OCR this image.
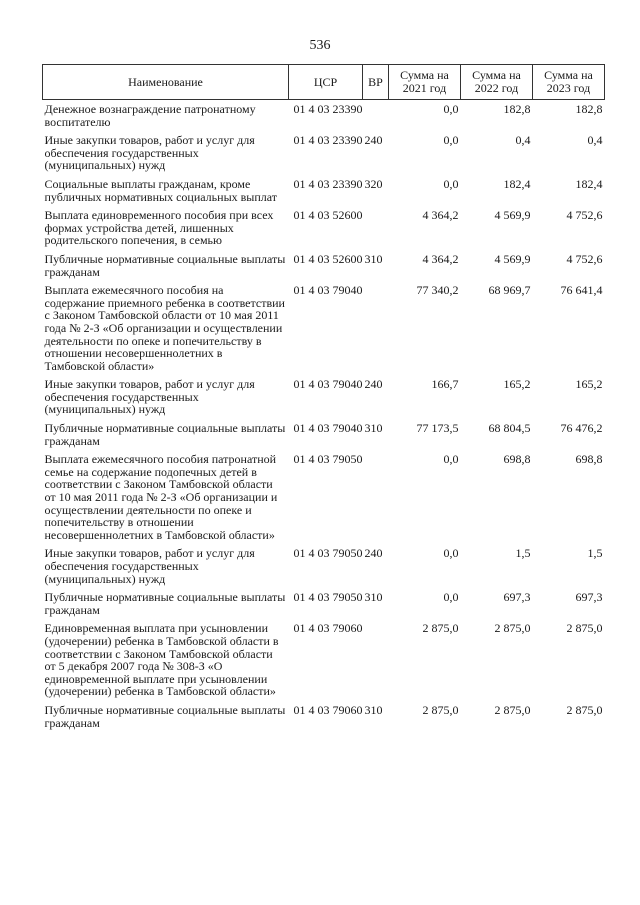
536
Наименование	ЦСР	ВР	Сумма на 2021 год	Сумма на 2022 год	Сумма на 2023 год
Денежное вознаграждение патронатному воспитателю	01 4 03 23390		0,0	182,8	182,8
Иные закупки товаров, работ и услуг для обеспечения государственных (муниципальных) нужд	01 4 03 23390	240	0,0	0,4	0,4
Социальные выплаты гражданам, кроме публичных нормативных социальных выплат	01 4 03 23390	320	0,0	182,4	182,4
Выплата единовременного пособия при всех формах устройства детей, лишенных родительского попечения, в семью	01 4 03 52600		4 364,2	4 569,9	4 752,6
Публичные нормативные социальные выплаты гражданам	01 4 03 52600	310	4 364,2	4 569,9	4 752,6
Выплата ежемесячного пособия на содержание приемного ребенка в соответствии с Законом Тамбовской области от 10 мая 2011 года № 2-З «Об организации и осуществлении деятельности по опеке и попечительству в отношении несовершеннолетних в Тамбовской области»	01 4 03 79040		77 340,2	68 969,7	76 641,4
Иные закупки товаров, работ и услуг для обеспечения государственных (муниципальных) нужд	01 4 03 79040	240	166,7	165,2	165,2
Публичные нормативные социальные выплаты гражданам	01 4 03 79040	310	77 173,5	68 804,5	76 476,2
Выплата ежемесячного пособия патронатной семье на содержание подопечных детей в соответствии с Законом Тамбовской области от 10 мая 2011 года № 2-З «Об организации и осуществлении деятельности по опеке и попечительству в отношении несовершеннолетних в Тамбовской области»	01 4 03 79050		0,0	698,8	698,8
Иные закупки товаров, работ и услуг для обеспечения государственных (муниципальных) нужд	01 4 03 79050	240	0,0	1,5	1,5
Публичные нормативные социальные выплаты гражданам	01 4 03 79050	310	0,0	697,3	697,3
Единовременная выплата при усыновлении (удочерении) ребенка в Тамбовской области в соответствии с Законом Тамбовской области от 5 декабря 2007 года № 308-З «О единовременной выплате при усыновлении (удочерении) ребенка в Тамбовской области»	01 4 03 79060		2 875,0	2 875,0	2 875,0
Публичные нормативные социальные выплаты гражданам	01 4 03 79060	310	2 875,0	2 875,0	2 875,0
